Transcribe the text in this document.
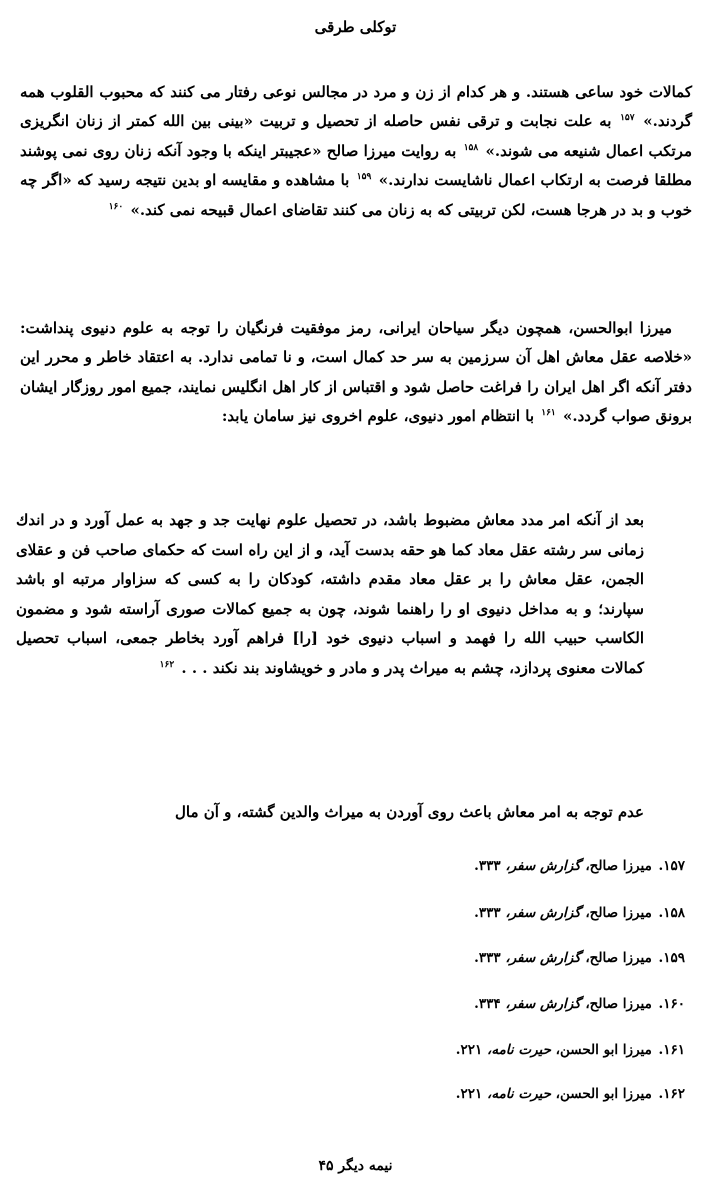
توكلی طرقی
كمالات خود ساعی هستند. و هر كدام از زن و مرد در مجالس نوعی رفتار می كنند كه محبوب القلوب همه گردند.» $^{۱۵۷}$ به علت نجابت و ترقی نفس حاصله از تحصیل و تربیت «بینی بین الله كمتر از زنان انگریزی مرتكب اعمال شنیعه می شوند.» $^{۱۵۸}$ به روایت میرزا صالح «عجیبتر اینكه با وجود آنكه زنان روی نمی پوشند مطلقا فرصت به ارتكاب اعمال ناشایست ندارند.» $^{۱۵۹}$ با مشاهده و مقایسه او بدین نتیجه رسید كه «اگر چه خوب و بد در هرجا هست، لكن تربیتی كه به زنان می كنند تقاضای اعمال قبیحه نمی كند.» $^{۱۶۰}$

میرزا ابوالحسن، همچون دیگر سیاحان ایرانی، رمز موفقیت فرنگیان را توجه به علوم دنیوی پنداشت: «خلاصه عقل معاش اهل آن سرزمین به سر حد كمال است، و نا تمامی ندارد. به اعتقاد خاطر و محرر این دفتر آنكه اگر اهل ایران را فراغت حاصل شود و اقتباس از كار اهل انگلیس نمایند، جمیع امور روزگار ایشان برونق صواب گردد.» $^{۱۶۱}$ با انتظام امور دنیوی، علوم اخروی نیز سامان یابد:

بعد از آنكه امر مدد معاش مضبوط باشد، در تحصیل علوم نهایت جد و جهد به عمل آورد و در اندك زمانی سر رشته عقل معاد كما هو حقه بدست آید، و از این راه است كه حكمای صاحب فن و عقلای الجمن، عقل معاش را بر عقل معاد مقدم داشته، كودكان را به كسی كه سزاوار مرتبه او باشد سپارند؛ و به مداخل دنیوی او را راهنما شوند، چون به جمیع كمالات صوری آراسته شود و مضمون الكاسب حبیب الله را فهمد و اسباب دنیوی خود [را] فراهم آورد بخاطر جمعی، اسباب تحصیل كمالات معنوی پردازد، چشم به میراث پدر و مادر و خویشاوند بند نكند . . . $^{۱۶۲}$
عدم توجه به امر معاش باعث روی آوردن به میراث والدین گشته، و آن مال
۱۵۷. میرزا صالح، گزارش سفر، ۳۳۳.
۱۵۸. میرزا صالح، گزارش سفر، ۳۳۳.
۱۵۹. میرزا صالح، گزارش سفر، ۳۳۳.
۱۶۰. میرزا صالح، گزارش سفر، ۳۳۴.
۱۶۱. میرزا ابو الحسن، حیرت نامه، ۲۲۱.
۱۶۲. میرزا ابو الحسن، حیرت نامه، ۲۲۱.
نیمه دیگر ۴۵
